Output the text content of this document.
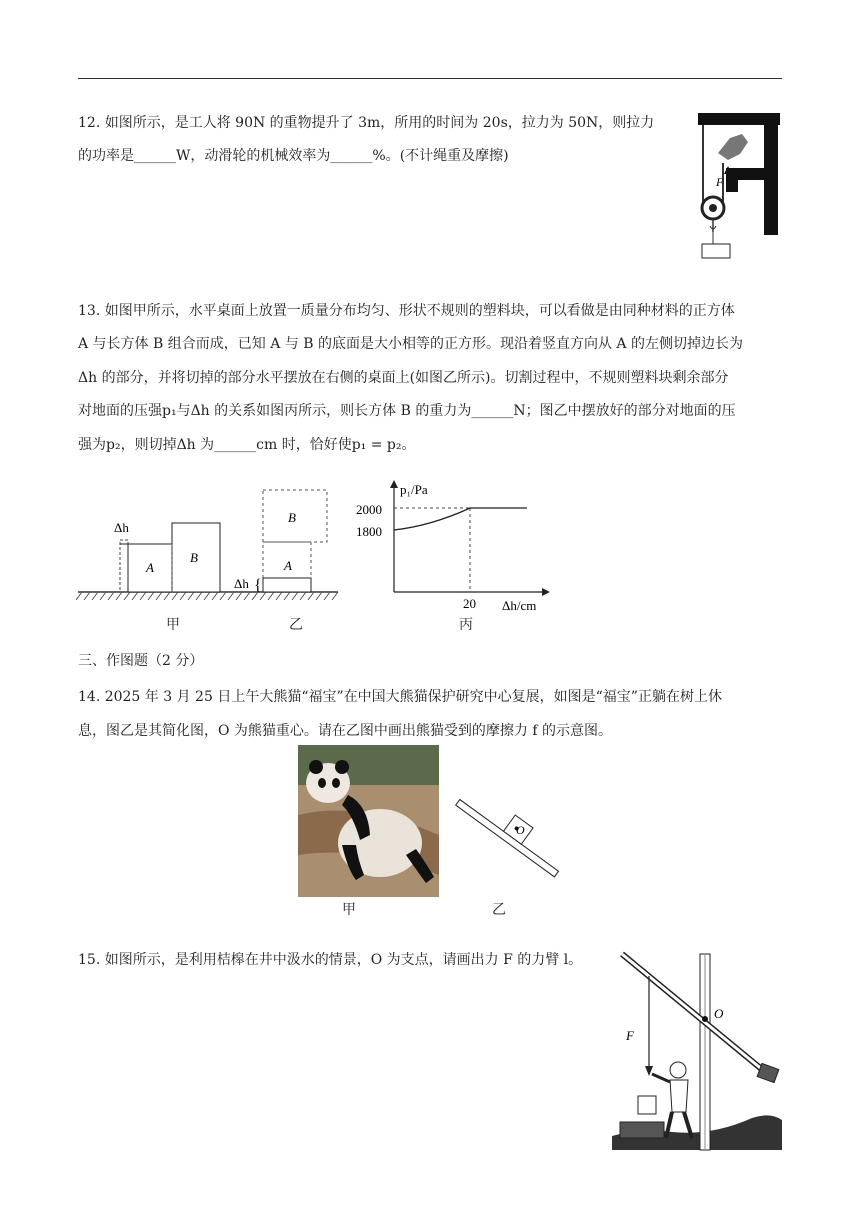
12. 如图所示，是工人将 90N 的重物提升了 3m，所用的时间为 20s，拉力为 50N，则拉力

的功率是______W，动滑轮的机械效率为______%。(不计绳重及摩擦)

F

13. 如图甲所示，水平桌面上放置一质量分布均匀、形状不规则的塑料块，可以看做是由同种材料的正方体

A 与长方体 B 组合而成，已知 A 与 B 的底面是大小相等的正方形。现沿着竖直方向从 A 的左侧切掉边长为

Δh 的部分，并将切掉的部分水平摆放在右侧的桌面上(如图乙所示)。切割过程中，不规则塑料块剩余部分

对地面的压强p₁与Δh 的关系如图丙所示，则长方体 B 的重力为______N；图乙中摆放好的部分对地面的压

强为p₂，则切掉Δh 为______cm 时，恰好使p₁ = p₂。

Δh
A
B
B
A
Δh {
甲	乙
p₁/Pa
Δh/cm
2000
1800
20
丙

三、作图题（2 分）

14. 2025 年 3 月 25 日上午大熊猫“福宝”在中国大熊猫保护研究中心复展，如图是“福宝”正躺在树上休

息，图乙是其简化图，O 为熊猫重心。请在乙图中画出熊猫受到的摩擦力 f 的示意图。

甲
O
乙

15. 如图所示，是利用桔槔在井中汲水的情景，O 为支点，请画出力 F 的力臂 l。

O
F
